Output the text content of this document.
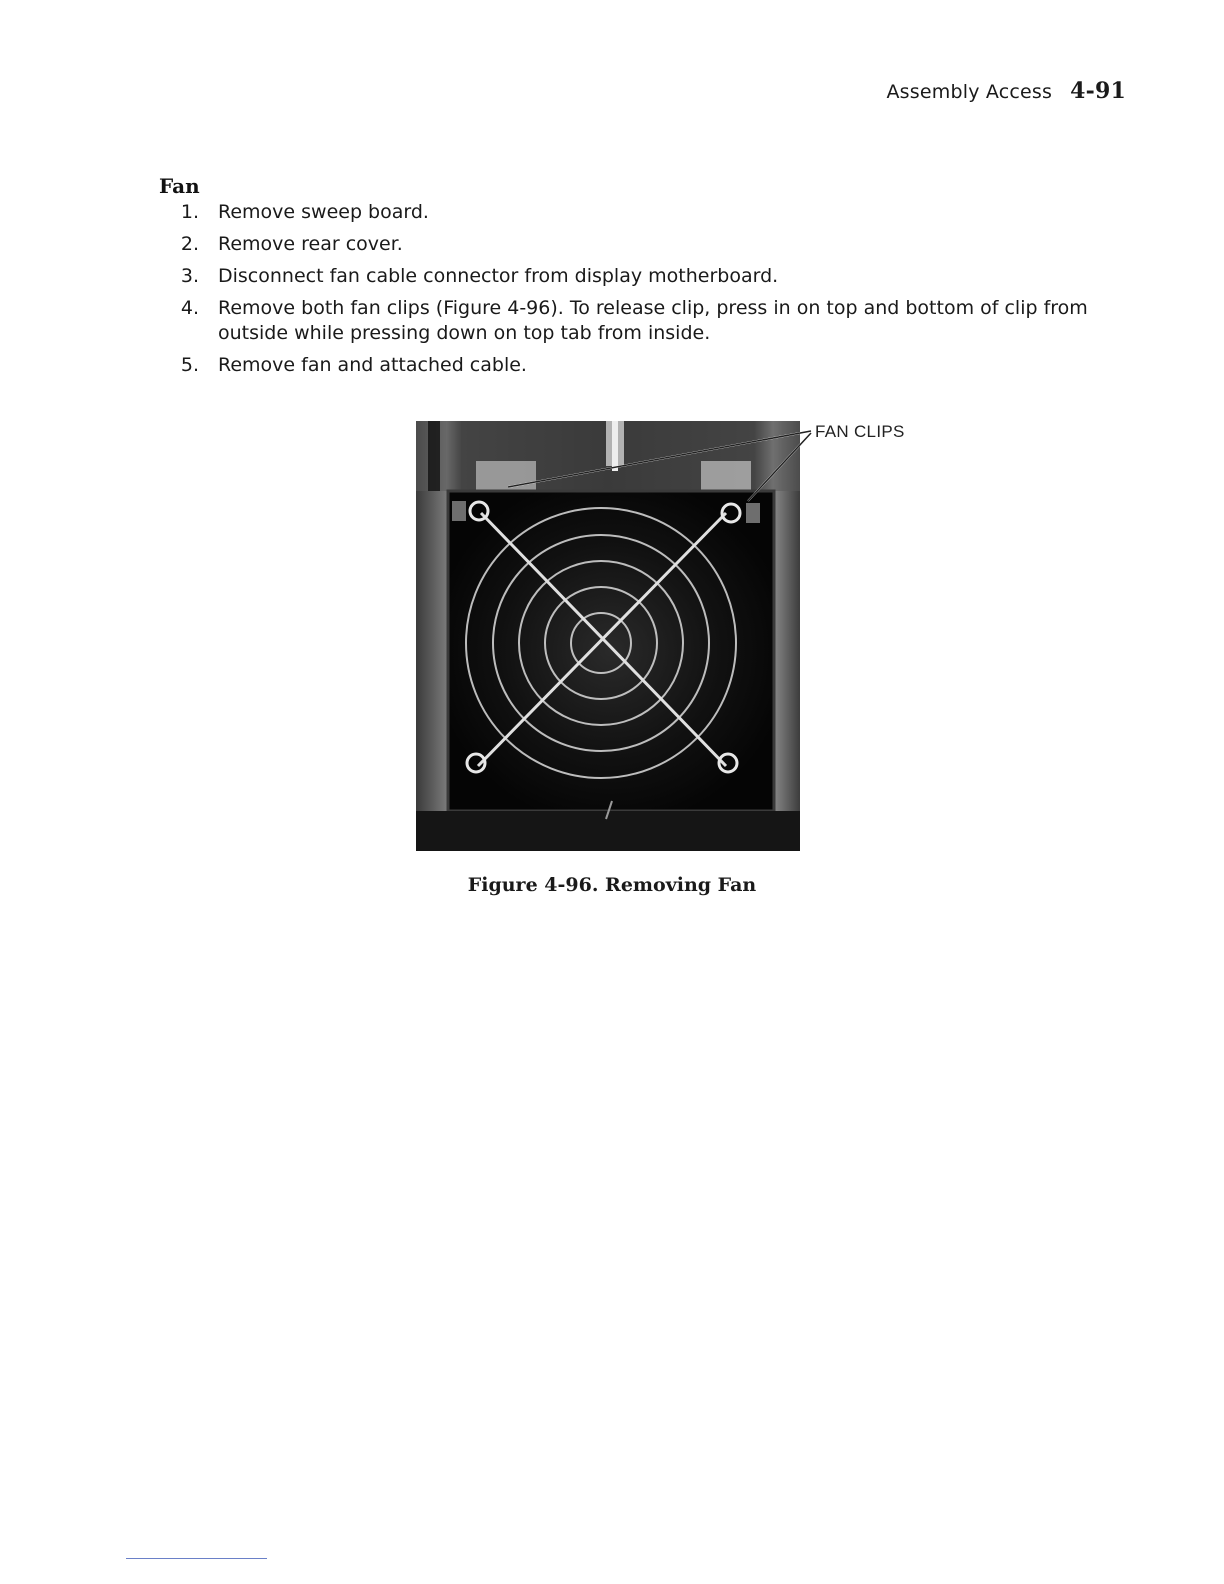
Assembly Access 4-91
Fan
1.	Remove sweep board.
2.	Remove rear cover.
3.	Disconnect fan cable connector from display motherboard.
4.	Remove both fan clips (Figure 4-96). To release clip, press in on top and bottom of clip from outside while pressing down on top tab from inside.
5.	Remove fan and attached cable.
FAN CLIPS
Figure 4-96. Removing Fan
